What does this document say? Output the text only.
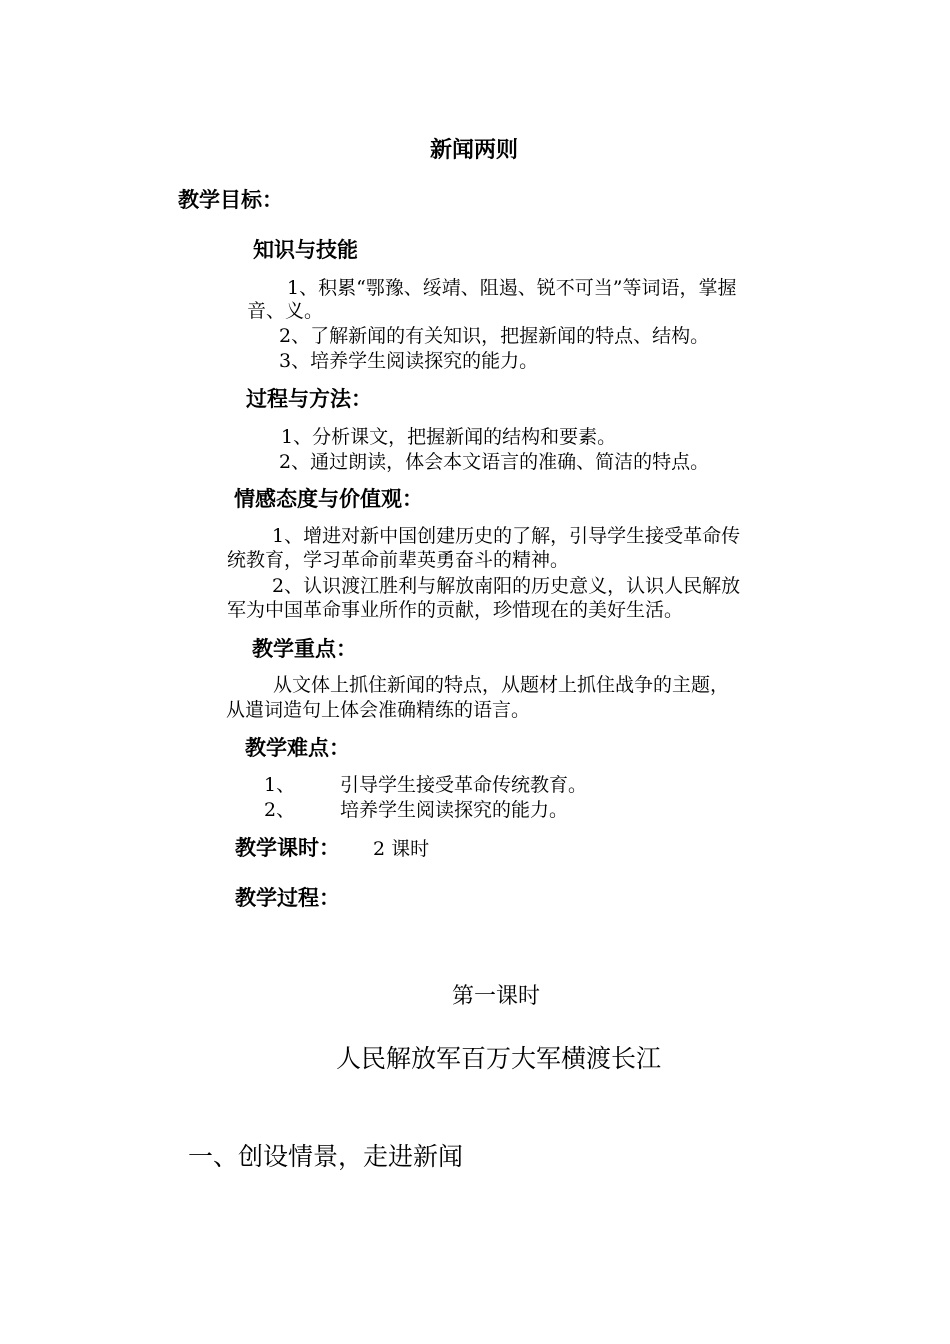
新闻两则
教学目标：
知识与技能
1、积累“鄂豫、绥靖、阻遏、锐不可当”等词语，掌握
音、义。
2、了解新闻的有关知识，把握新闻的特点、结构。
3、培养学生阅读探究的能力。
过程与方法：
1、分析课文，把握新闻的结构和要素。
2、通过朗读，体会本文语言的准确、简洁的特点。
情感态度与价值观：
1、增进对新中国创建历史的了解，引导学生接受革命传
统教育，学习革命前辈英勇奋斗的精神。
2、认识渡江胜利与解放南阳的历史意义，认识人民解放
军为中国革命事业所作的贡献，珍惜现在的美好生活。
教学重点：
从文体上抓住新闻的特点，从题材上抓住战争的主题，
从遣词造句上体会准确精练的语言。
教学难点：
1、 引导学生接受革命传统教育。
2、 培养学生阅读探究的能力。
教学课时： 2 课时
教学过程：
第一课时
人民解放军百万大军横渡长江
一、创设情景，走进新闻
